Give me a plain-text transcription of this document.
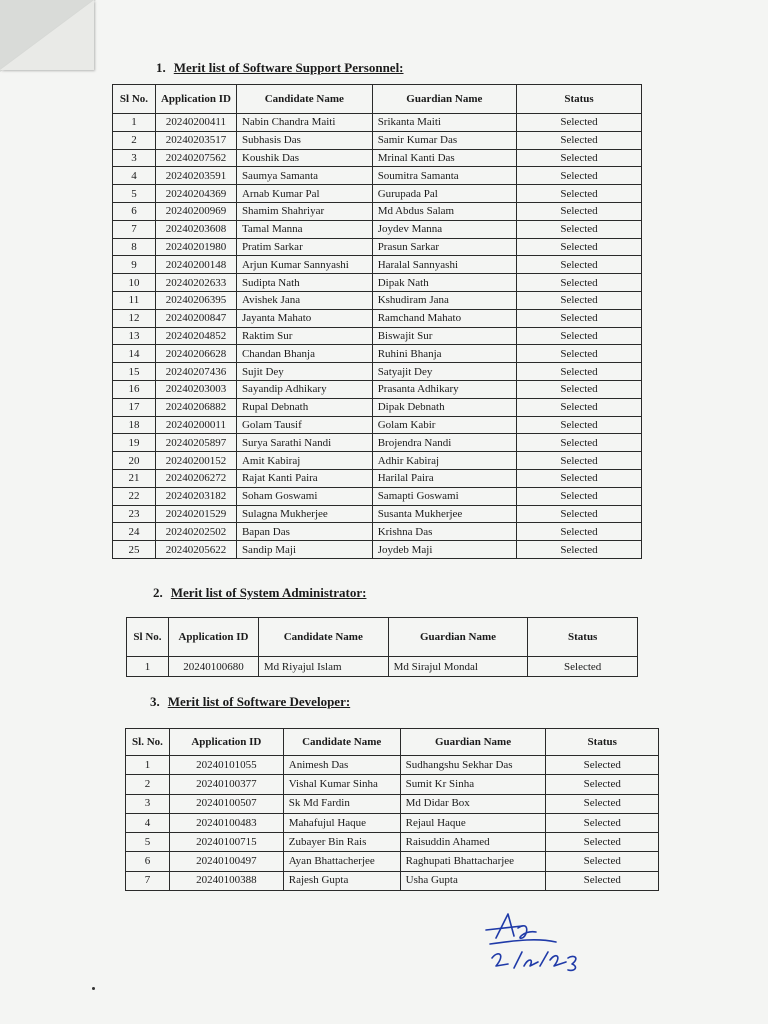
1. Merit list of Software Support Personnel:
Sl No.	Application ID	Candidate Name	Guardian Name	Status
1	20240200411	Nabin Chandra Maiti	Srikanta Maiti	Selected
2	20240203517	Subhasis Das	Samir Kumar Das	Selected
3	20240207562	Koushik Das	Mrinal Kanti Das	Selected
4	20240203591	Saumya Samanta	Soumitra Samanta	Selected
5	20240204369	Arnab Kumar Pal	Gurupada Pal	Selected
6	20240200969	Shamim Shahriyar	Md Abdus Salam	Selected
7	20240203608	Tamal Manna	Joydev Manna	Selected
8	20240201980	Pratim Sarkar	Prasun Sarkar	Selected
9	20240200148	Arjun Kumar Sannyashi	Haralal Sannyashi	Selected
10	20240202633	Sudipta Nath	Dipak Nath	Selected
11	20240206395	Avishek Jana	Kshudiram Jana	Selected
12	20240200847	Jayanta Mahato	Ramchand Mahato	Selected
13	20240204852	Raktim Sur	Biswajit Sur	Selected
14	20240206628	Chandan Bhanja	Ruhini Bhanja	Selected
15	20240207436	Sujit Dey	Satyajit Dey	Selected
16	20240203003	Sayandip Adhikary	Prasanta Adhikary	Selected
17	20240206882	Rupal Debnath	Dipak Debnath	Selected
18	20240200011	Golam Tausif	Golam Kabir	Selected
19	20240205897	Surya Sarathi Nandi	Brojendra Nandi	Selected
20	20240200152	Amit Kabiraj	Adhir Kabiraj	Selected
21	20240206272	Rajat Kanti Paira	Harilal Paira	Selected
22	20240203182	Soham Goswami	Samapti Goswami	Selected
23	20240201529	Sulagna Mukherjee	Susanta Mukherjee	Selected
24	20240202502	Bapan Das	Krishna Das	Selected
25	20240205622	Sandip Maji	Joydeb Maji	Selected
2. Merit list of System Administrator:
Sl No.	Application ID	Candidate Name	Guardian Name	Status
1	20240100680	Md Riyajul Islam	Md Sirajul Mondal	Selected
3. Merit list of Software Developer:
Sl. No.	Application ID	Candidate Name	Guardian Name	Status
1	20240101055	Animesh Das	Sudhangshu Sekhar Das	Selected
2	20240100377	Vishal Kumar Sinha	Sumit Kr Sinha	Selected
3	20240100507	Sk Md Fardin	Md Didar Box	Selected
4	20240100483	Mahafujul Haque	Rejaul Haque	Selected
5	20240100715	Zubayer Bin Rais	Raisuddin Ahamed	Selected
6	20240100497	Ayan Bhattacherjee	Raghupati Bhattacharjee	Selected
7	20240100388	Rajesh Gupta	Usha Gupta	Selected
